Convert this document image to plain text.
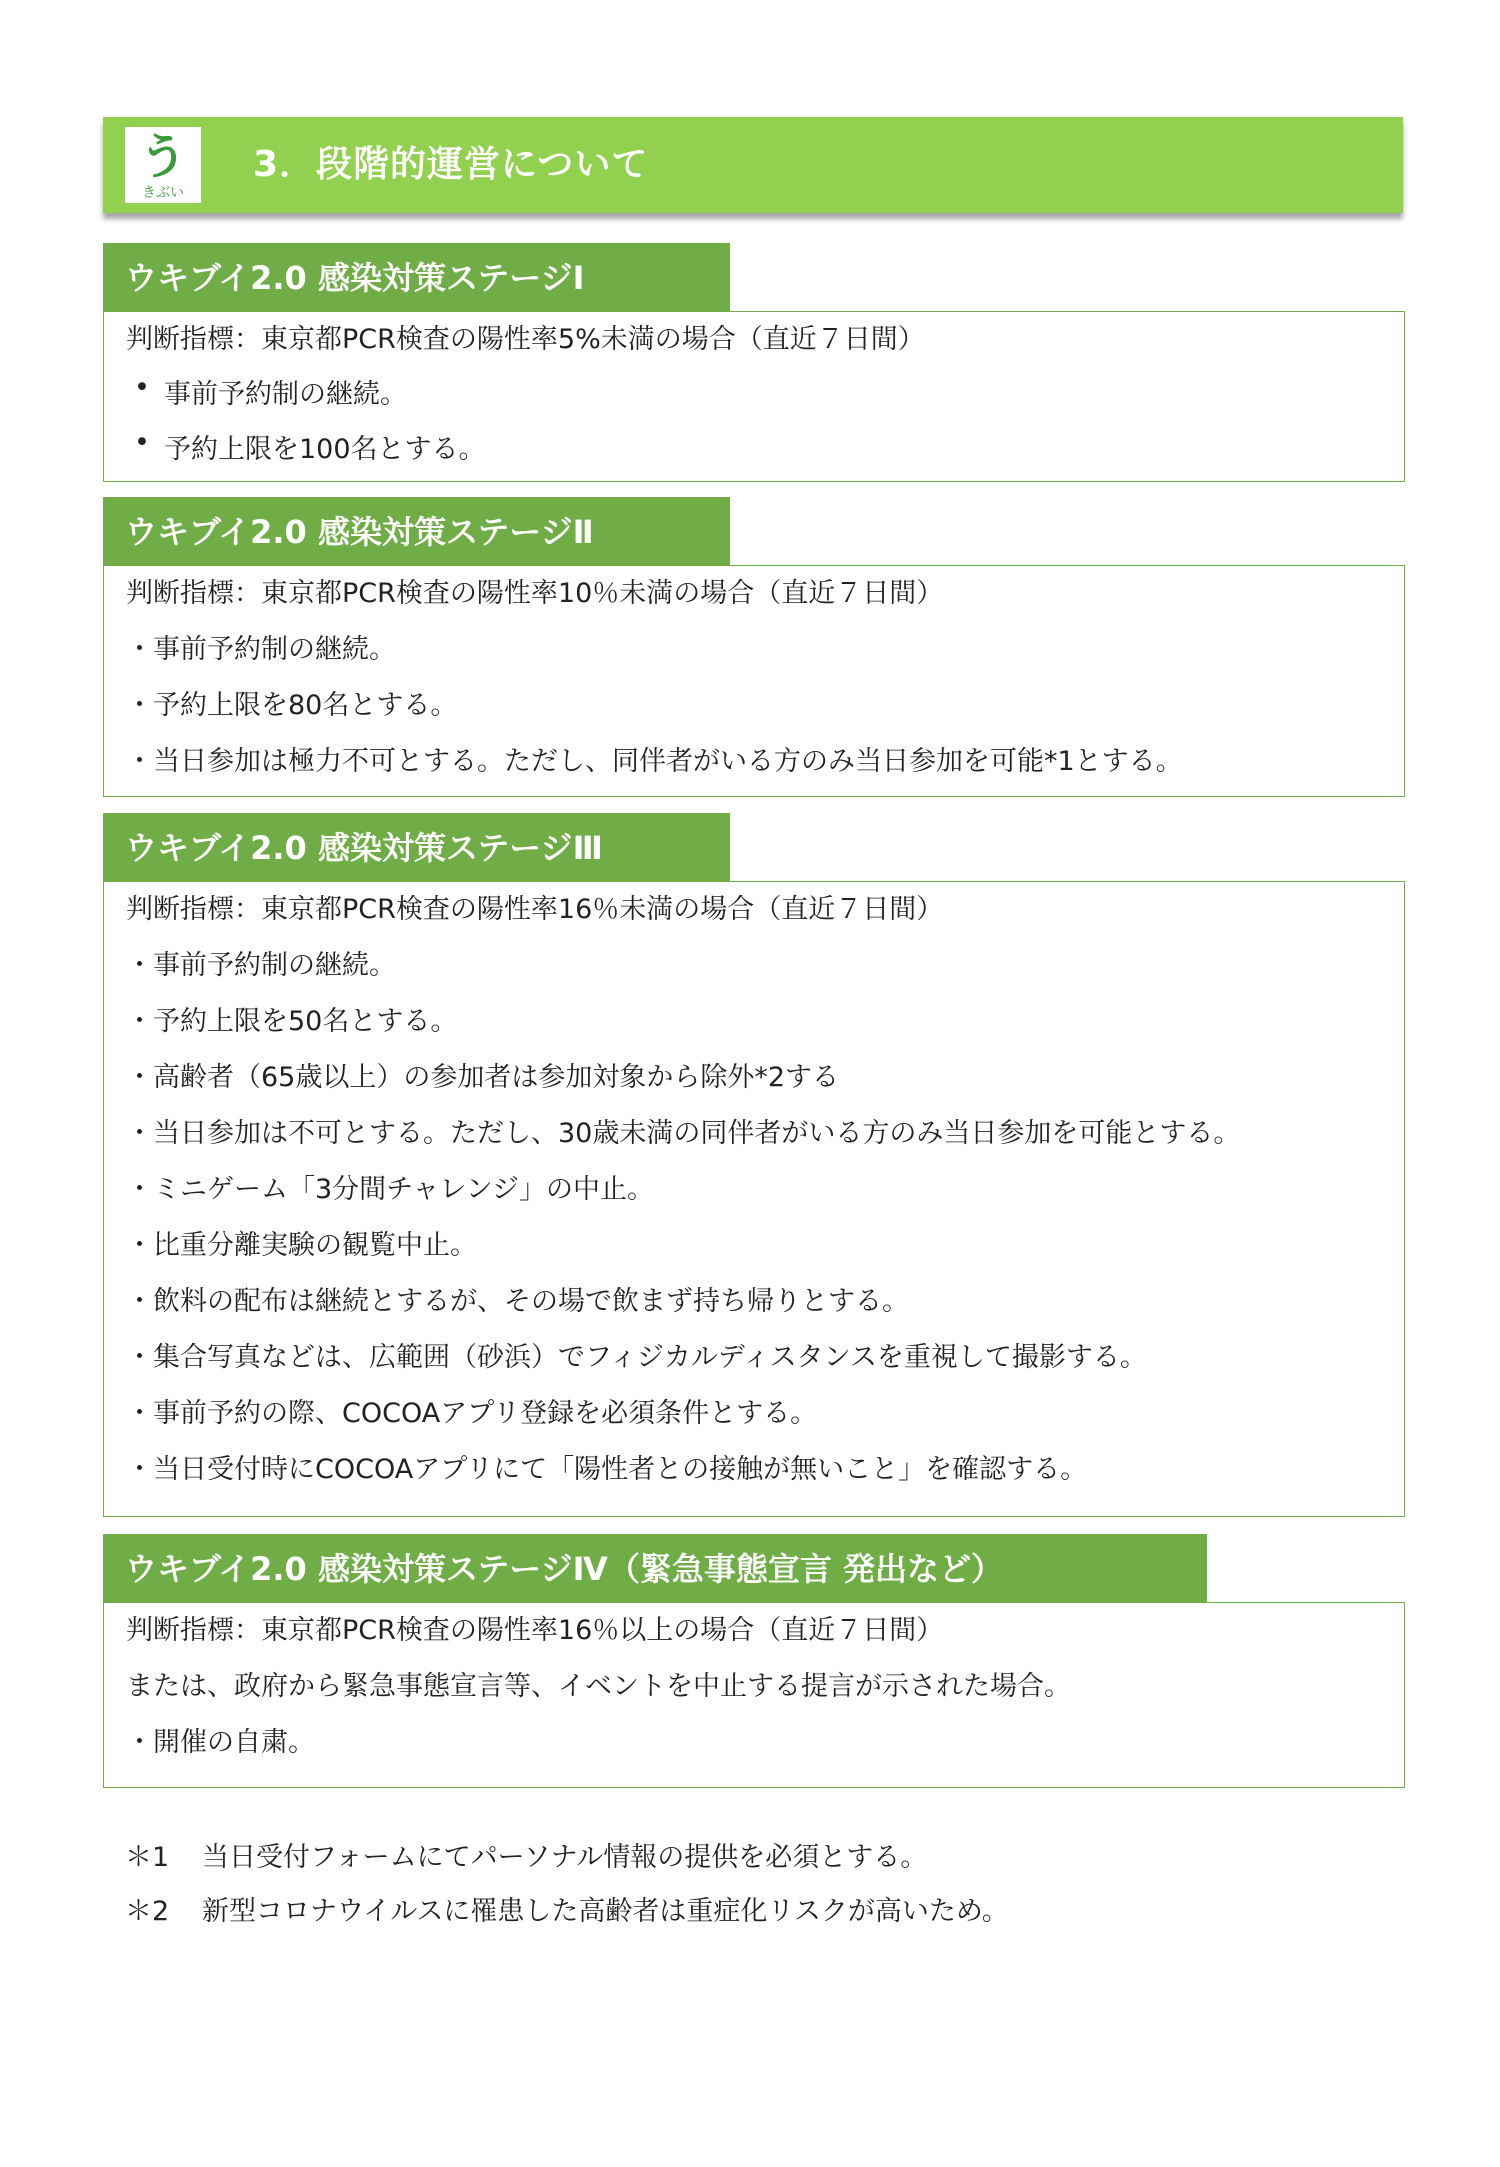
う
きぶい
3．段階的運営について
ウキブイ2.0 感染対策ステージⅠ
判断指標：東京都PCR検査の陽性率5%未満の場合（直近７日間）
• 事前予約制の継続。
• 予約上限を100名とする。
ウキブイ2.0 感染対策ステージⅡ
判断指標：東京都PCR検査の陽性率10％未満の場合（直近７日間）
・事前予約制の継続。
・予約上限を80名とする。
・当日参加は極力不可とする。ただし、同伴者がいる方のみ当日参加を可能*1とする。
ウキブイ2.0 感染対策ステージⅢ
判断指標：東京都PCR検査の陽性率16％未満の場合（直近７日間）
・事前予約制の継続。
・予約上限を50名とする。
・高齢者（65歳以上）の参加者は参加対象から除外*2する
・当日参加は不可とする。ただし、30歳未満の同伴者がいる方のみ当日参加を可能とする。
・ミニゲーム「3分間チャレンジ」の中止。
・比重分離実験の観覧中止。
・飲料の配布は継続とするが、その場で飲まず持ち帰りとする。
・集合写真などは、広範囲（砂浜）でフィジカルディスタンスを重視して撮影する。
・事前予約の際、COCOAアプリ登録を必須条件とする。
・当日受付時にCOCOAアプリにて「陽性者との接触が無いこと」を確認する。
ウキブイ2.0 感染対策ステージⅣ（緊急事態宣言 発出など）
判断指標：東京都PCR検査の陽性率16％以上の場合（直近７日間）
または、政府から緊急事態宣言等、イベントを中止する提言が示された場合。
・開催の自粛。
＊1 当日受付フォームにてパーソナル情報の提供を必須とする。
＊2 新型コロナウイルスに罹患した高齢者は重症化リスクが高いため。
